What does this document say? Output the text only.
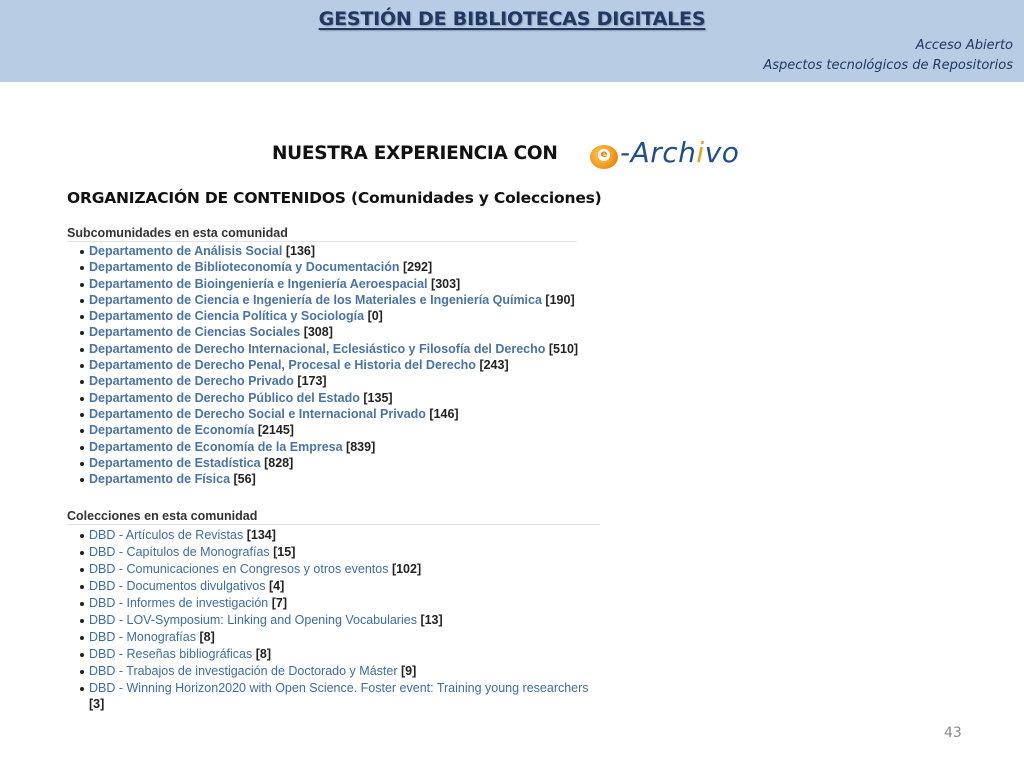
GESTIÓN DE BIBLIOTECAS DIGITALES
Acceso Abierto
Aspectos tecnológicos de Repositorios
NUESTRA EXPERIENCIA CON	e -Archivo
ORGANIZACIÓN DE CONTENIDOS (Comunidades y Colecciones)
Subcomunidades en esta comunidad
Departamento de Análisis Social [136]
Departamento de Biblioteconomía y Documentación [292]
Departamento de Bioingeniería e Ingeniería Aeroespacial [303]
Departamento de Ciencia e Ingeniería de los Materiales e Ingeniería Química [190]
Departamento de Ciencia Política y Sociología [0]
Departamento de Ciencias Sociales [308]
Departamento de Derecho Internacional, Eclesiástico y Filosofía del Derecho [510]
Departamento de Derecho Penal, Procesal e Historia del Derecho [243]
Departamento de Derecho Privado [173]
Departamento de Derecho Público del Estado [135]
Departamento de Derecho Social e Internacional Privado [146]
Departamento de Economía [2145]
Departamento de Economía de la Empresa [839]
Departamento de Estadística [828]
Departamento de Física [56]
Colecciones en esta comunidad
DBD - Artículos de Revistas [134]
DBD - Capítulos de Monografías [15]
DBD - Comunicaciones en Congresos y otros eventos [102]
DBD - Documentos divulgativos [4]
DBD - Informes de investigación [7]
DBD - LOV-Symposium: Linking and Opening Vocabularies [13]
DBD - Monografías [8]
DBD - Reseñas bibliográficas [8]
DBD - Trabajos de investigación de Doctorado y Máster [9]
DBD - Winning Horizon2020 with Open Science. Foster event: Training young researchers [3]
43
